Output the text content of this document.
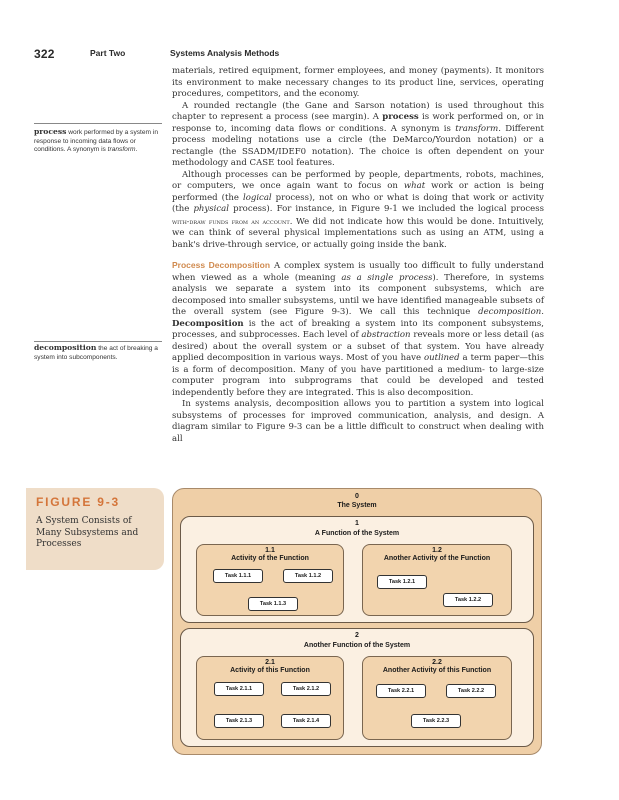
322	Part Two	Systems Analysis Methods

materials, retired equipment, former employees, and money (payments). It monitors its environment to make necessary changes to its product line, services, operating procedures, competitors, and the economy.

A rounded rectangle (the Gane and Sarson notation) is used throughout this chapter to represent a process (see margin). A process is work performed on, or in response to, incoming data flows or conditions. A synonym is transform. Different process modeling notations use a circle (the DeMarco/Yourdon notation) or a rectangle (the SSADM/IDEF0 notation). The choice is often dependent on your methodology and CASE tool features.

Although processes can be performed by people, departments, robots, machines, or computers, we once again want to focus on what work or action is being performed (the logical process), not on who or what is doing that work or activity (the physical process). For instance, in Figure 9-1 we included the logical process with-draw funds from an account. We did not indicate how this would be done. Intuitively, we can think of several physical implementations such as using an ATM, using a bank's drive-through service, or actually going inside the bank.

Process Decomposition A complex system is usually too difficult to fully understand when viewed as a whole (meaning as a single process). Therefore, in systems analysis we separate a system into its component subsystems, which are decomposed into smaller subsystems, until we have identified manageable subsets of the overall system (see Figure 9-3). We call this technique decomposition. Decomposition is the act of breaking a system into its component subsystems, processes, and subprocesses. Each level of abstraction reveals more or less detail (as desired) about the overall system or a subset of that system. You have already applied decomposition in various ways. Most of you have outlined a term paper—this is a form of decomposition. Many of you have partitioned a medium- to large-size computer program into subprograms that could be developed and tested independently before they are integrated. This is also decomposition.

In systems analysis, decomposition allows you to partition a system into logical subsystems of processes for improved communication, analysis, and design. A diagram similar to Figure 9-3 can be a little difficult to construct when dealing with all

process work performed by a system in response to incoming data flows or conditions. A synonym is transform.
decomposition the act of breaking a system into subcomponents.
FIGURE 9-3
A System Consists of Many Subsystems and Processes
0
The System
1
A Function of the System
1.1
Activity of the Function
Task 1.1.1	Task 1.1.2
Task 1.1.3
1.2
Another Activity of the Function
Task 1.2.1
Task 1.2.2
2
Another Function of the System
2.1
Activity of this Function
Task 2.1.1	Task 2.1.2
Task 2.1.3	Task 2.1.4
2.2
Another Activity of this Function
Task 2.2.1	Task 2.2.2
Task 2.2.3
